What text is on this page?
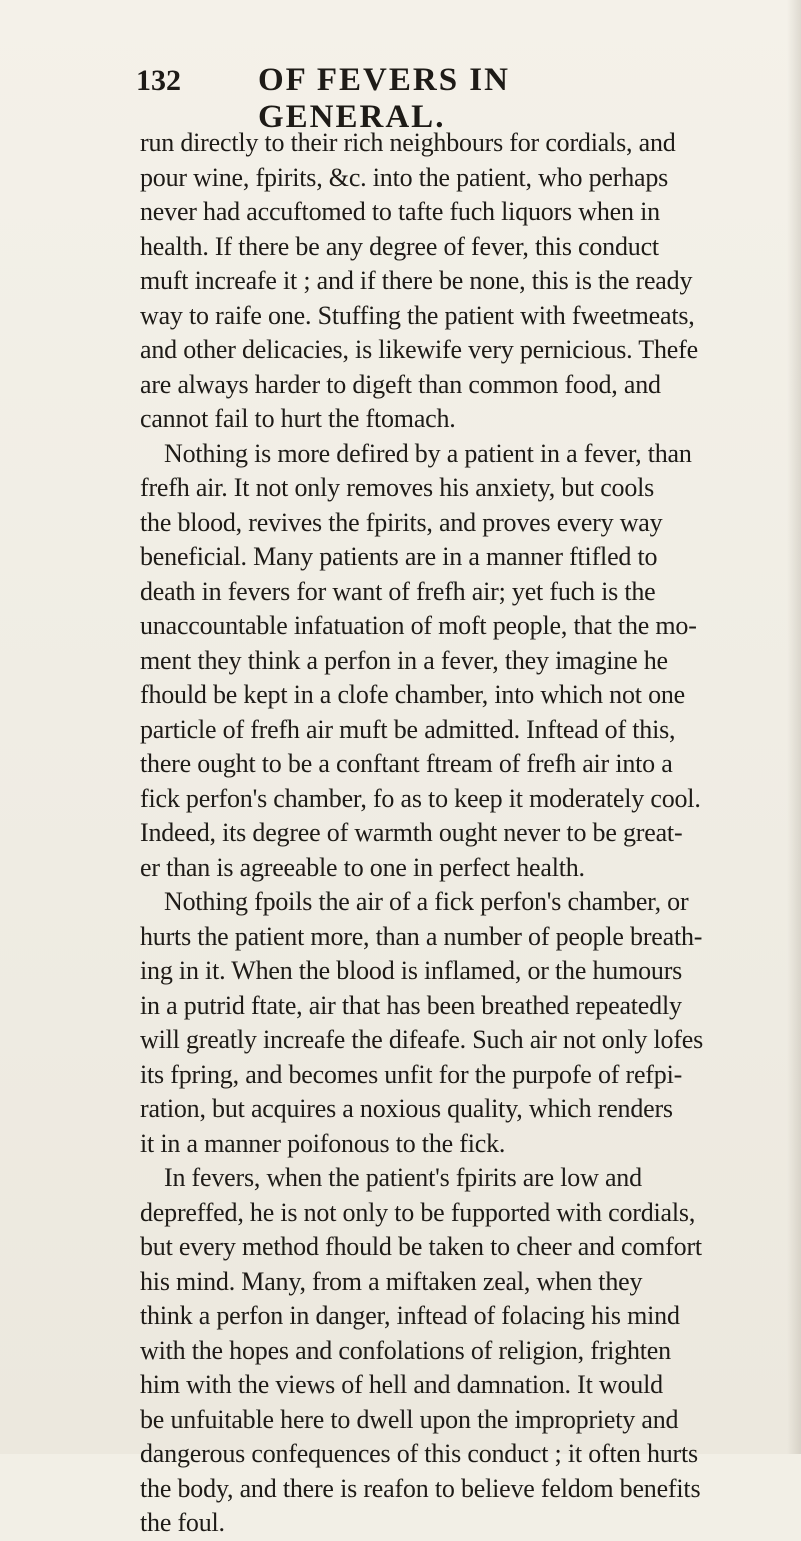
132 OF FEVERS IN GENERAL.
run directly to their rich neighbours for cordials, and
pour wine, fpirits, &c. into the patient, who perhaps
never had accuftomed to tafte fuch liquors when in
health. If there be any degree of fever, this conduct
muft increafe it ; and if there be none, this is the ready
way to raife one. Stuffing the patient with fweetmeats,
and other delicacies, is likewife very pernicious. Thefe
are always harder to digeft than common food, and
cannot fail to hurt the ftomach.
Nothing is more defired by a patient in a fever, than
frefh air. It not only removes his anxiety, but cools
the blood, revives the fpirits, and proves every way
beneficial. Many patients are in a manner ftifled to
death in fevers for want of frefh air; yet fuch is the
unaccountable infatuation of moft people, that the mo-
ment they think a perfon in a fever, they imagine he
fhould be kept in a clofe chamber, into which not one
particle of frefh air muft be admitted. Inftead of this,
there ought to be a conftant ftream of frefh air into a
fick perfon's chamber, fo as to keep it moderately cool.
Indeed, its degree of warmth ought never to be great-
er than is agreeable to one in perfect health.
Nothing fpoils the air of a fick perfon's chamber, or
hurts the patient more, than a number of people breath-
ing in it. When the blood is inflamed, or the humours
in a putrid ftate, air that has been breathed repeatedly
will greatly increafe the difeafe. Such air not only lofes
its fpring, and becomes unfit for the purpofe of refpi-
ration, but acquires a noxious quality, which renders
it in a manner poifonous to the fick.
In fevers, when the patient's fpirits are low and
depreffed, he is not only to be fupported with cordials,
but every method fhould be taken to cheer and comfort
his mind. Many, from a miftaken zeal, when they
think a perfon in danger, inftead of folacing his mind
with the hopes and confolations of religion, frighten
him with the views of hell and damnation. It would
be unfuitable here to dwell upon the impropriety and
dangerous confequences of this conduct ; it often hurts
the body, and there is reafon to believe feldom benefits
the foul.
